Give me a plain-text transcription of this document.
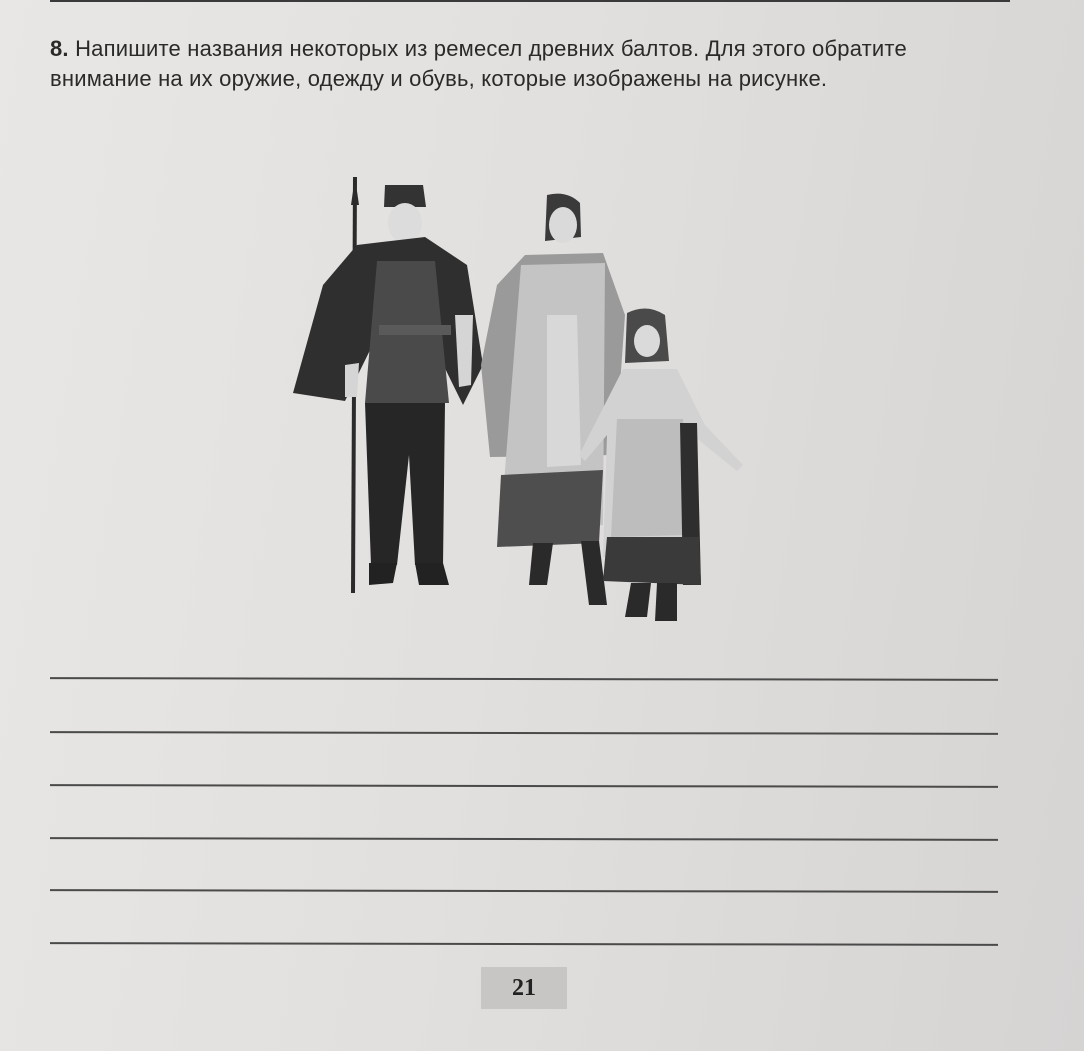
8. Напишите названия некоторых из ремесел древних балтов. Для этого обратите внимание на их оружие, одежду и обувь, которые изображены на рисунке.
21
